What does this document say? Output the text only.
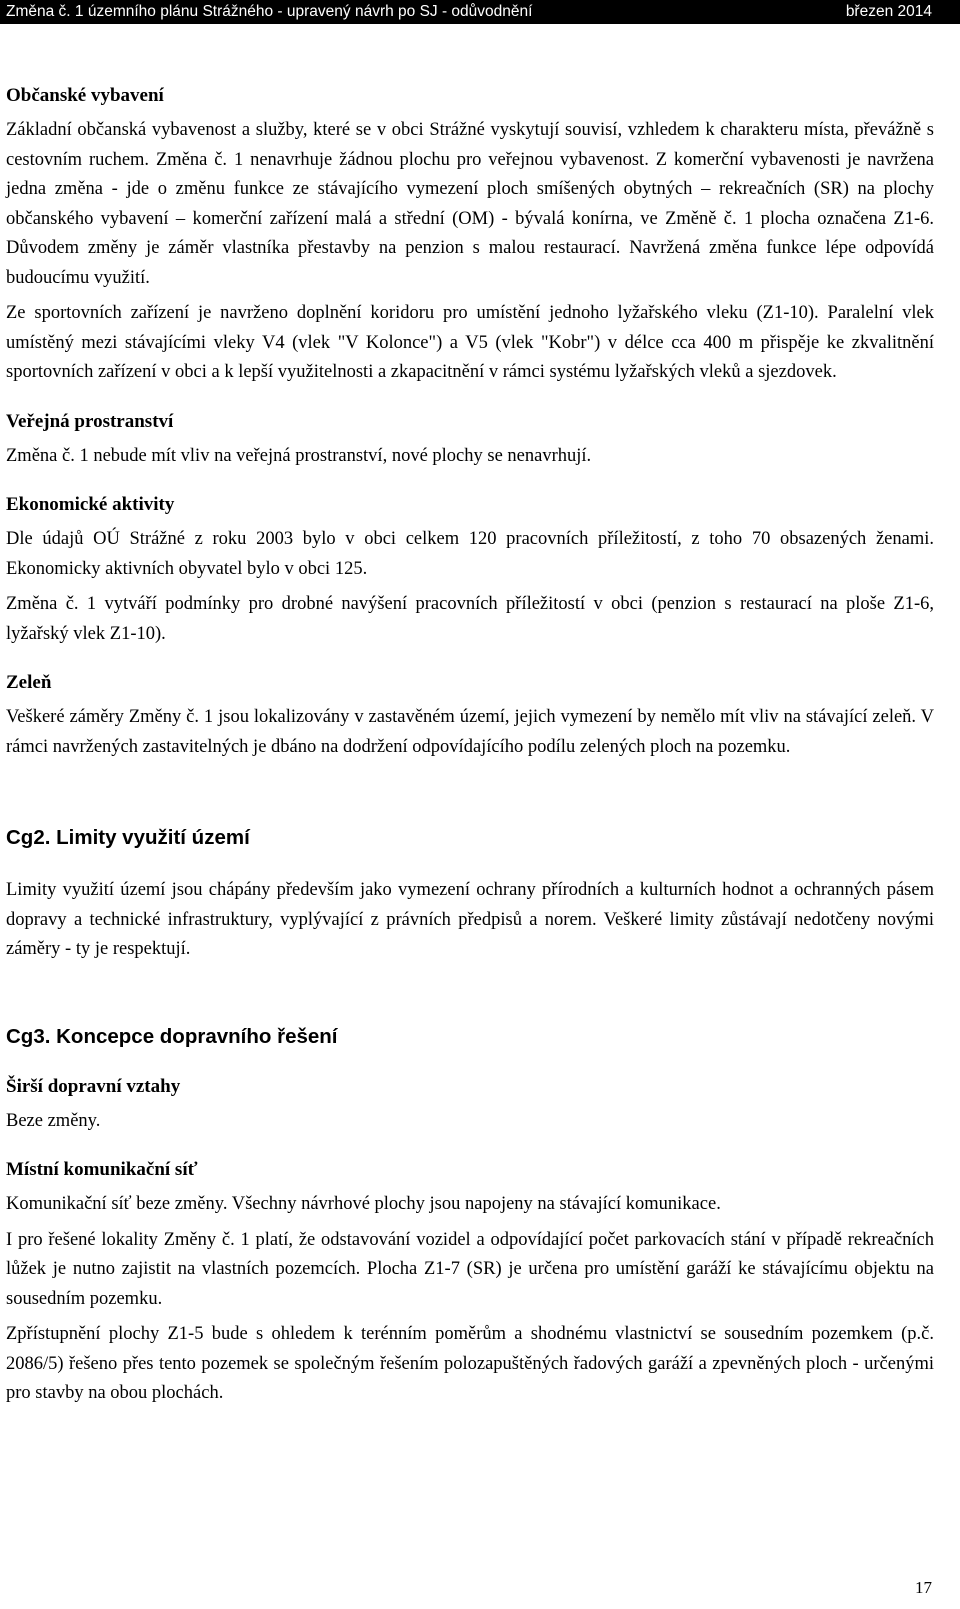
Změna č. 1 územního plánu Strážného - upravený návrh po SJ - odůvodnění	březen 2014
Občanské vybavení

Základní občanská vybavenost a služby, které se v obci Strážné vyskytují souvisí, vzhledem k charakteru místa, převážně s cestovním ruchem. Změna č. 1 nenavrhuje žádnou plochu pro veřejnou vybavenost. Z komerční vybavenosti je navržena jedna změna - jde o změnu funkce ze stávajícího vymezení ploch smíšených obytných – rekreačních (SR) na plochy občanského vybavení – komerční zařízení malá a střední (OM) - bývalá konírna, ve Změně č. 1 plocha označena Z1-6. Důvodem změny je záměr vlastníka přestavby na penzion s malou restaurací. Navržená změna funkce lépe odpovídá budoucímu využití.

Ze sportovních zařízení je navrženo doplnění koridoru pro umístění jednoho lyžařského vleku (Z1-10). Paralelní vlek umístěný mezi stávajícími vleky V4 (vlek "V Kolonce") a V5 (vlek "Kobr") v délce cca 400 m přispěje ke zkvalitnění sportovních zařízení v obci a k lepší využitelnosti a zkapacitnění v rámci systému lyžařských vleků a sjezdovek.

Veřejná prostranství

Změna č. 1 nebude mít vliv na veřejná prostranství, nové plochy se nenavrhují.

Ekonomické aktivity

Dle údajů OÚ Strážné z roku 2003 bylo v obci celkem 120 pracovních příležitostí, z toho 70 obsazených ženami. Ekonomicky aktivních obyvatel bylo v obci 125.

Změna č. 1 vytváří podmínky pro drobné navýšení pracovních příležitostí v obci (penzion s restaurací na ploše Z1-6, lyžařský vlek Z1-10).

Zeleň

Veškeré záměry Změny č. 1 jsou lokalizovány v zastavěném území, jejich vymezení by nemělo mít vliv na stávající zeleň. V rámci navržených zastavitelných je dbáno na dodržení odpovídajícího podílu zelených ploch na pozemku.

Cg2. Limity využití území

Limity využití území jsou chápány především jako vymezení ochrany přírodních a kulturních hodnot a ochranných pásem dopravy a technické infrastruktury, vyplývající z právních předpisů a norem. Veškeré limity zůstávají nedotčeny novými záměry - ty je respektují.

Cg3. Koncepce dopravního řešení
Širší dopravní vztahy

Beze změny.

Místní komunikační síť

Komunikační síť beze změny. Všechny návrhové plochy jsou napojeny na stávající komunikace.

I pro řešené lokality Změny č. 1 platí, že odstavování vozidel a odpovídající počet parkovacích stání v případě rekreačních lůžek je nutno zajistit na vlastních pozemcích. Plocha Z1-7 (SR) je určena pro umístění garáží ke stávajícímu objektu na sousedním pozemku.

Zpřístupnění plochy Z1-5 bude s ohledem k terénním poměrům a shodnému vlastnictví se sousedním pozemkem (p.č. 2086/5) řešeno přes tento pozemek se společným řešením polozapuštěných řadových garáží a zpevněných ploch - určenými pro stavby na obou plochách.

17
